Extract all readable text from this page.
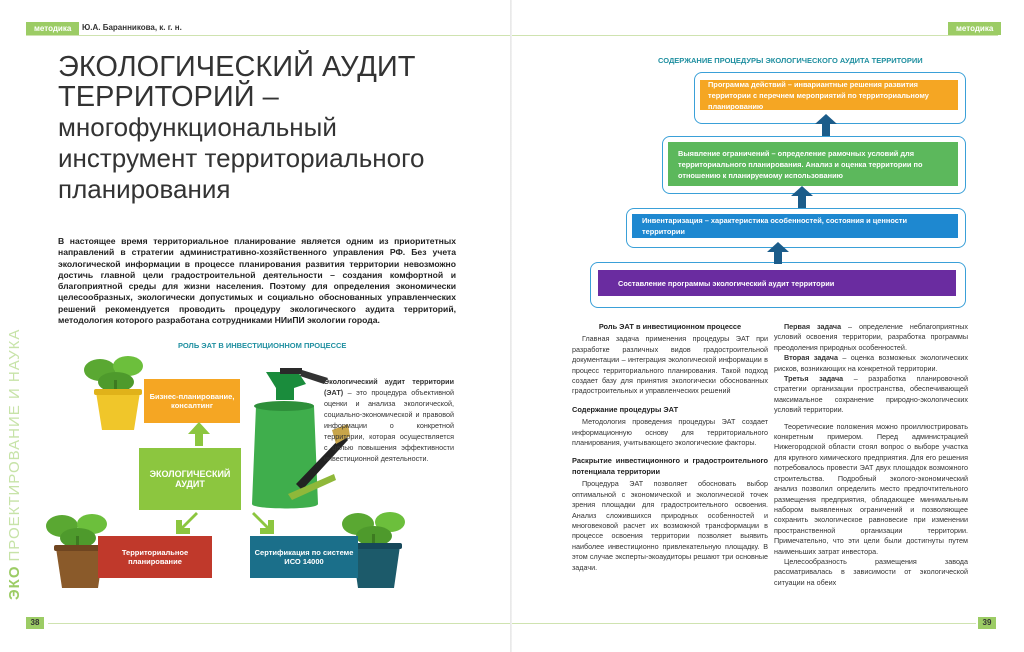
методика	Ю.А. Баранникова, к. г. н.
ЭКОЛОГИЧЕСКИЙ АУДИТ
ТЕРРИТОРИЙ –
многофункциональный
инструмент территориального
планирования
В настоящее время территориальное планирование является одним из приоритетных направлений в стратегии административно-хозяйственного управления РФ. Без учета экологической информации в процессе планирования развития территории невозможно достичь главной цели градостроительной деятельности – создания комфортной и благоприятной среды для жизни населения. Поэтому для определения экономически целесообразных, экологически допустимых и социально обоснованных управленческих решений рекомендуется проводить процедуру экологического аудита территорий, методология которого разработана сотрудниками НИиПИ экологии города.
РОЛЬ ЭАТ В ИНВЕСТИЦИОННОМ ПРОЦЕССЕ
Бизнес-планирование, консалтинг
ЭКОЛОГИЧЕСКИЙ АУДИТ
Территориальное планирование
Сертификация по системе ИСО 14000
Экологический аудит территории (ЭАТ) – это процедура объективной оценки и анализа экологической, социально-экономической и правовой информации о конкретной территории, которая осуществляется с целью повышения эффективности инвестиционной деятельности.
ЭКОПРОЕКТИРОВАНИЕ И НАУКА
38
методика
СОДЕРЖАНИЕ ПРОЦЕДУРЫ ЭКОЛОГИЧЕСКОГО АУДИТА ТЕРРИТОРИИ
Программа действий – инвариантные решения развития территории с перечнем мероприятий по территориальному планированию
Выявление ограничений – определение рамочных условий для территориального планирования. Анализ и оценка территории по отношению к планируемому использованию
Инвентаризация – характеристика особенностей, состояния и ценности территории
Составление программы экологический аудит территории
Роль ЭАТ в инвестиционном процессе

Главная задача применения процедуры ЭАТ при разработке различных видов градостроительной документации – интеграция экологической информации в процесс территориального планирования. Такой подход создает базу для принятия экологически обоснованных градостроительных и управленческих решений

Содержание процедуры ЭАТ

Методология проведения процедуры ЭАТ создает информационную основу для территориального планирования, учитывающего экологические факторы.

Раскрытие инвестиционного и градостроительного потенциала территории

Процедура ЭАТ позволяет обосновать выбор оптимальной с экономической и экологической точек зрения площадки для градостроительного освоения. Анализ сложившихся природных особенностей и многовековой расчет их возможной трансформации в процессе освоения территории позволяет выявить наиболее инвестиционно привлекательную площадку. В этом случае эксперты-экоаудиторы решают три основные задачи.

Первая задача – определение неблагоприятных условий освоения территории, разработка программы преодоления природных особенностей.

Вторая задача – оценка возможных экологических рисков, возникающих на конкретной территории.

Третья задача – разработка планировочной стратегии организации пространства, обеспечивающей максимальное сохранение природно-экологических условий территории.

Теоретические положения можно проиллюстрировать конкретным примером. Перед администрацией Нижегородской области стоял вопрос о выборе участка для крупного химического предприятия. Для его решения потребовалось провести ЭАТ двух площадок возможного строительства. Подробный эколого-экономический анализ позволил определить место предпочтительного размещения предприятия, обладающее минимальным набором выявленных ограничений и позволяющее сохранить экологическое равновесие при изменении пространственной организации территории. Примечательно, что эти цели были достигнуты путем наименьших затрат инвестора.

Целесообразность размещения завода рассматривалась в зависимости от экологической ситуации на обеих

39
